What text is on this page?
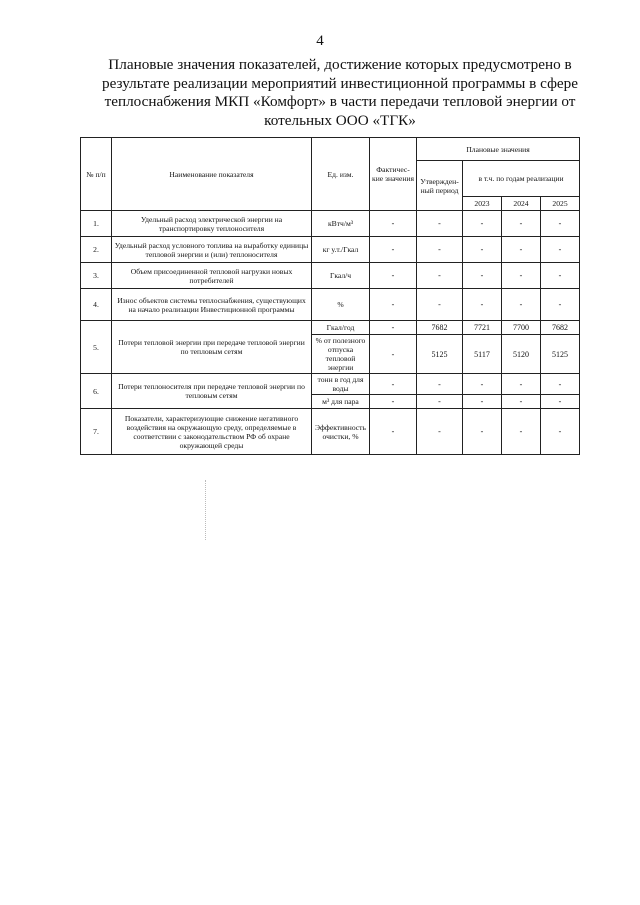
4
Плановые значения показателей, достижение которых предусмотрено в результате реализации мероприятий инвестиционной программы в сфере теплоснабжения МКП «Комфорт» в части передачи тепловой энергии от котельных ООО «ТГК»
№ п/п	Наименование показателя	Ед. изм.	Фактичес-кие значения	Плановые значения			
				Утвержден-ный период	в т.ч. по годам реализации		
					2023	2024	2025
1.	Удельный расход электрической энергии на транспортировку теплоносителя	кВтч/м³	-	-	-	-	-
2.	Удельный расход условного топлива на выработку единицы тепловой энергии и (или) теплоносителя	кг у.т./Гкал	-	-	-	-	-
3.	Объем присоединенной тепловой нагрузки новых потребителей	Гкал/ч	-	-	-	-	-
4.	Износ объектов системы теплоснабжения, существующих на начало реализации Инвестиционной программы	%	-	-	-	-	-
5.	Потери тепловой энергии при передаче тепловой энергии по тепловым сетям	Гкал/год	-	7682	7721	7700	7682
		% от полезного отпуска тепловой энергии	-	5125	5117	5120	5125
6.	Потери теплоносителя при передаче тепловой энергии по тепловым сетям	тонн в год для воды	-	-	-	-	-
		м³ для пара	-	-	-	-	-
7.	Показатели, характеризующие снижение негативного воздействия на окружающую среду, определяемые в соответствии с законодательством РФ об охране окружающей среды	Эффективность очистки, %	-	-	-	-	-
